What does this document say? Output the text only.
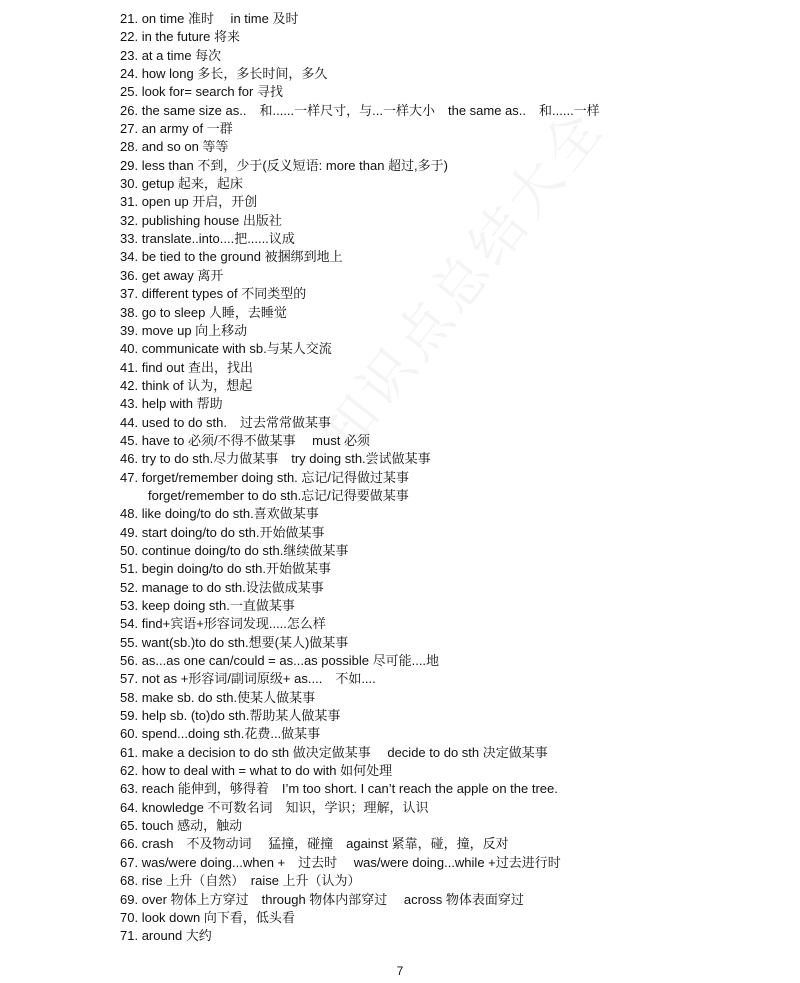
21. on time 准时　 in time 及时
22. in the future 将来
23. at a time 每次
24. how long 多长，多长时间，多久
25. look for= search for 寻找
26. the same size as..　和......一样尺寸，与...一样大小　the same as..　和......一样
27. an army of 一群
28. and so on 等等
29. less than 不到，少于(反义短语: more than 超过,多于)
30. getup 起来，起床
31. open up 开启，开创
32. publishing house 出版社
33. translate..into....把......议成
34. be tied to the ground 被捆绑到地上
36. get away 离开
37. different types of 不同类型的
38. go to sleep 人睡，去睡觉
39. move up 向上移动
40. communicate with sb.与某人交流
41. find out 查出，找出
42. think of 认为，想起
43. help with 帮助
44. used to do sth.　过去常常做某事
45. have to 必须/不得不做某事　 must 必须
46. try to do sth.尽力做某事　try doing sth.尝试做某事
47. forget/remember doing sth. 忘记/记得做过某事
forget/remember to do sth.忘记/记得要做某事
48. like doing/to do sth.喜欢做某事
49. start doing/to do sth.开始做某事
50. continue doing/to do sth.继续做某事
51. begin doing/to do sth.开始做某事
52. manage to do sth.设法做成某事
53. keep doing sth.一直做某事
54. find+宾语+形容词发现.....怎么样
55. want(sb.)to do sth.想要(某人)做某事
56. as...as one can/could = as...as possible 尽可能....地
57. not as +形容词/副词原级+ as....　不如....
58. make sb. do sth.使某人做某事
59. help sb. (to)do sth.帮助某人做某事
60. spend...doing sth.花费...做某事
61. make a decision to do sth 做决定做某事　 decide to do sth 决定做某事
62. how to deal with = what to do with 如何处理
63. reach 能伸到，够得着　I’m too short. I can’t reach the apple on the tree.
64. knowledge 不可数名词　知识，学识；理解，认识
65. touch 感动，触动
66. crash　不及物动词　 猛撞，碰撞　against 紧靠，碰，撞，反对
67. was/were doing...when +　过去时　 was/were doing...while +过去进行时
68. rise 上升（自然）　raise 上升（认为）
69. over 物体上方穿过　through 物体内部穿过　 across 物体表面穿过
70. look down 向下看，低头看
71. around 大约
7
